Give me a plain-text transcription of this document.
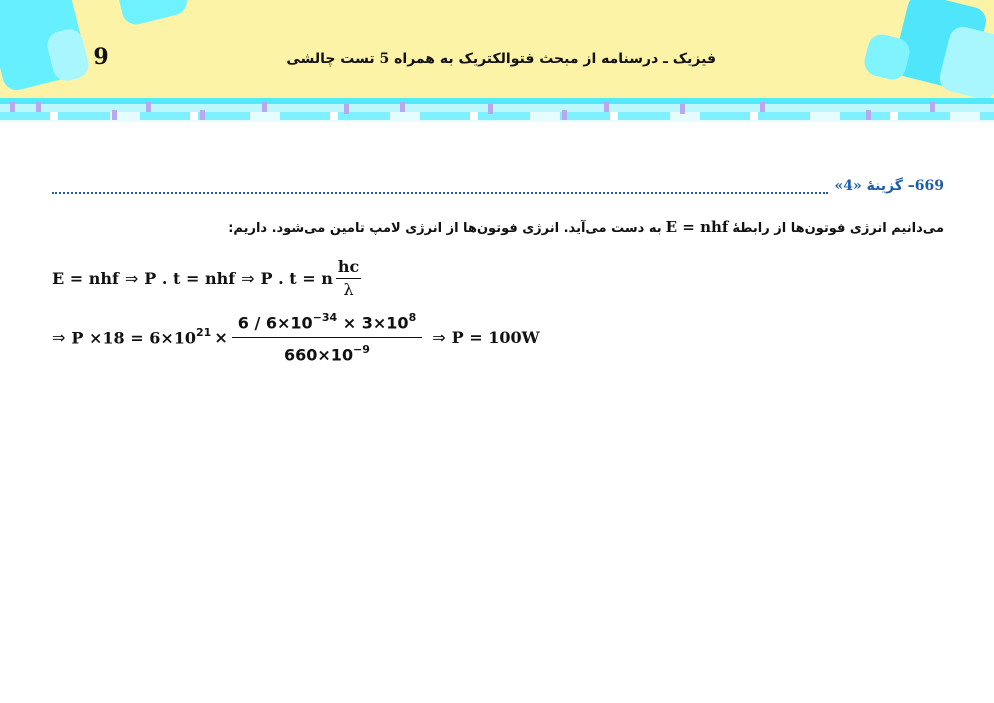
9	فیزیک ـ درسنامه از مبحث فتوالکتریک به همراه 5 تست چالشی
669– گزینهٔ «4»
می‌دانیم انرژی فوتون‌ها از رابطهٔE = nhfبه دست می‌آید. انرژی فوتون‌ها از انرژی لامپ تامین می‌شود. داریم:
E = nhf ⇒ P . t = nhf ⇒ P . t = n $\frac{hc}{\lambda}$
⇒ $P \times 18 = 6\times 10^{21} \times \frac{6 / 6\times 10^{-34} \times 3\times 10^8}{660\times 10^{-9}}$ ⇒ P = 100W
